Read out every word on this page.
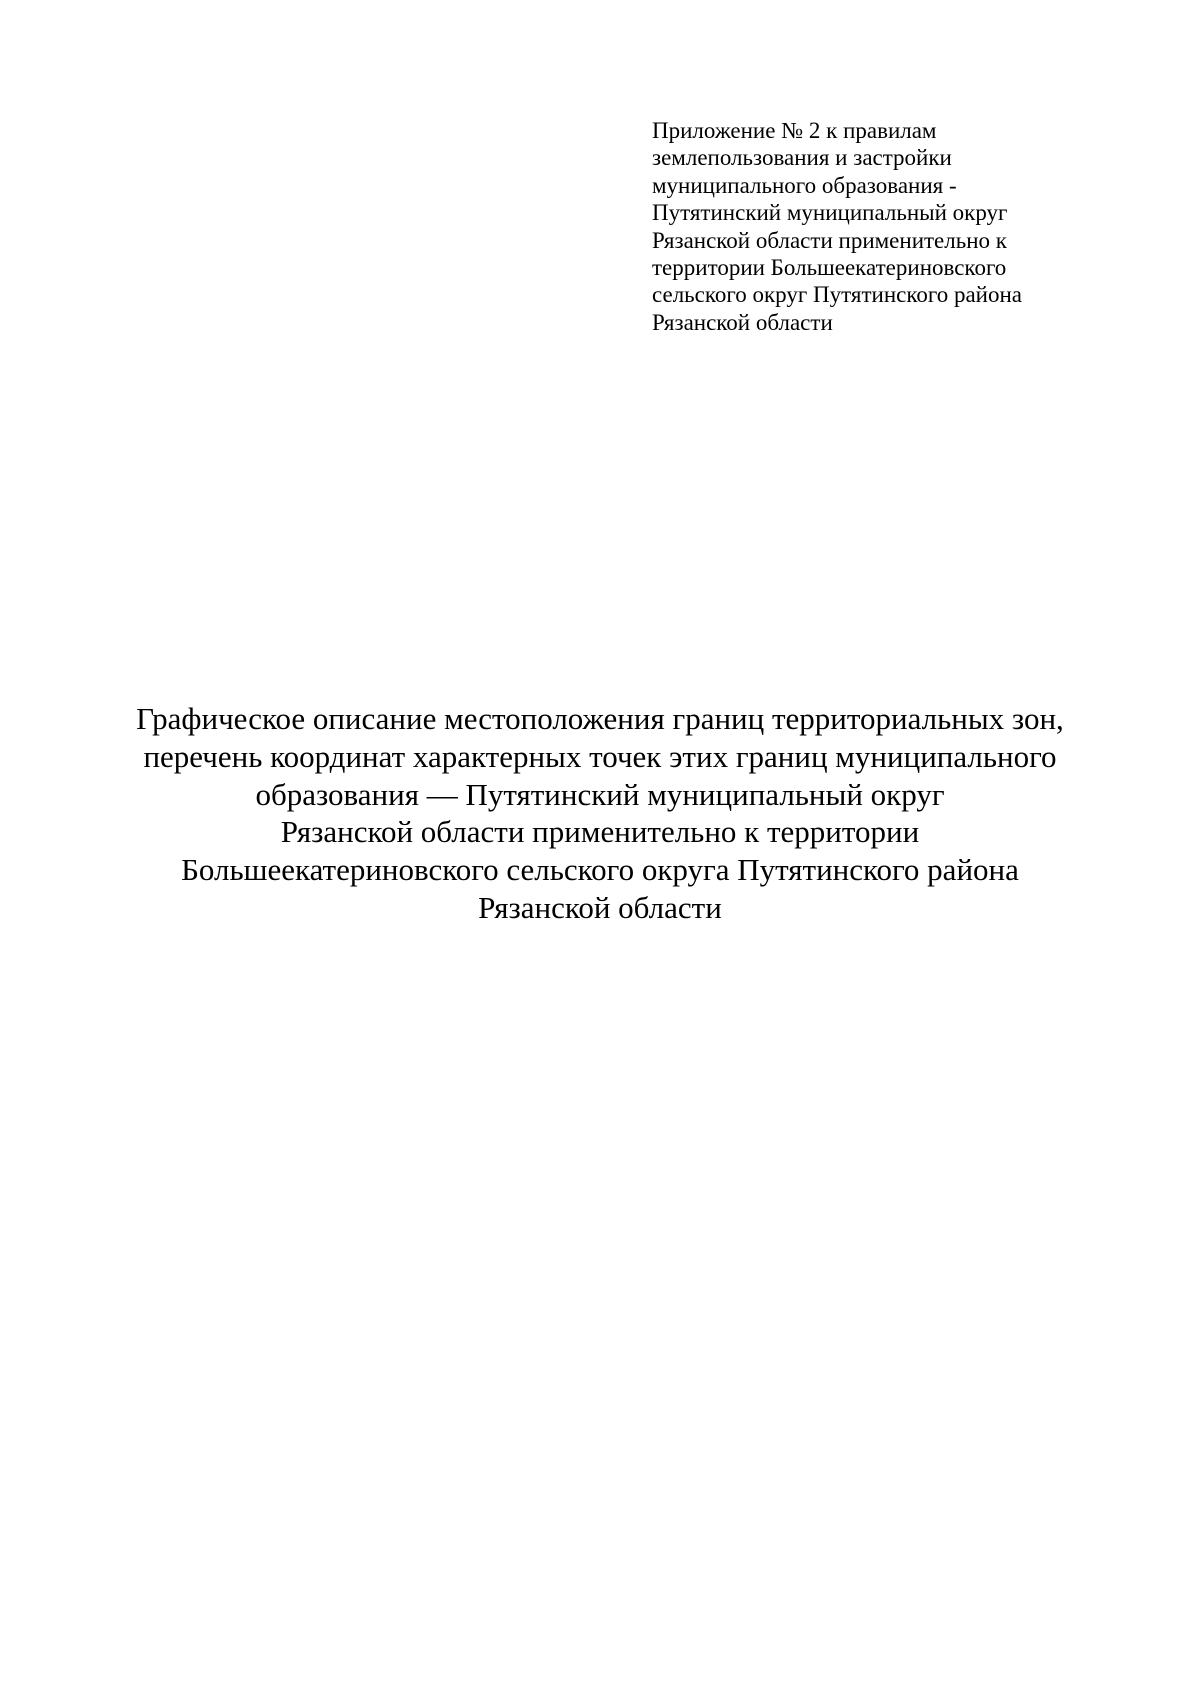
Приложение № 2 к правилам
землепользования и застройки
муниципального образования -
Путятинский муниципальный округ
Рязанской области применительно к
территории Большеекатериновского
сельского округ Путятинского района
Рязанской области
Графическое описание местоположения границ территориальных зон,
перечень координат характерных точек этих границ муниципального
образования — Путятинский муниципальный округ
Рязанской области применительно к территории
Большеекатериновского сельского округа Путятинского района
Рязанской области
